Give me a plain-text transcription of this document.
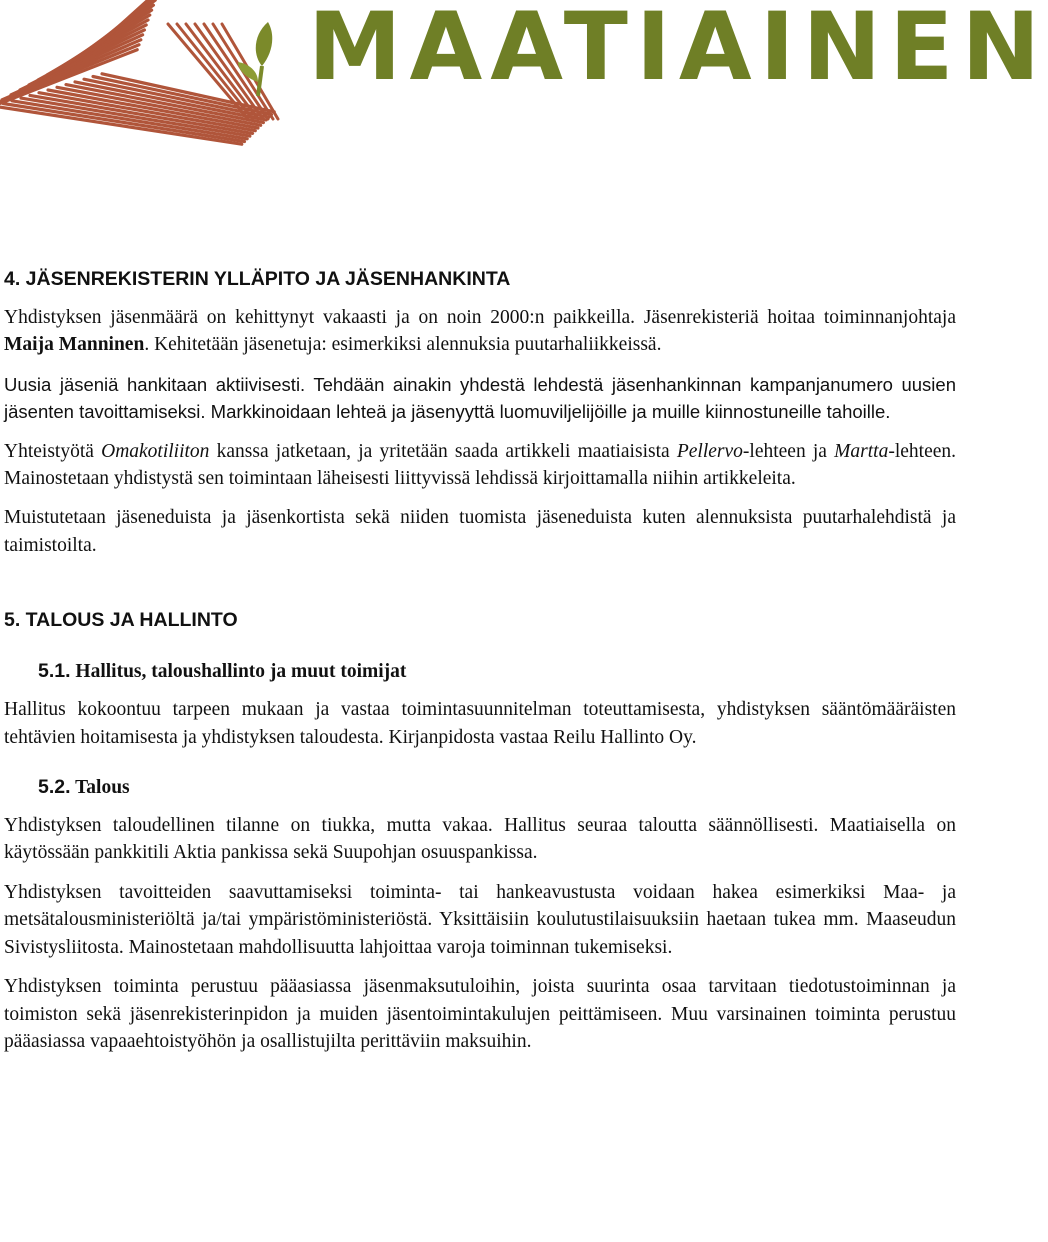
MAATIAINEN
4. JÄSENREKISTERIN YLLÄPITO JA JÄSENHANKINTA

Yhdistyksen jäsenmäärä on kehittynyt vakaasti ja on noin 2000:n paikkeilla. Jäsenrekisteriä hoitaa toiminnanjohtaja Maija Manninen. Kehitetään jäsenetuja: esimerkiksi alennuksia puutarhaliikkeissä.

Uusia jäseniä hankitaan aktiivisesti. Tehdään ainakin yhdestä lehdestä jäsenhankinnan kampanjanumero uusien jäsenten tavoittamiseksi. Markkinoidaan lehteä ja jäsenyyttä luomuviljelijöille ja muille kiinnostuneille tahoille.

Yhteistyötä Omakotiliiton kanssa jatketaan, ja yritetään saada artikkeli maatiaisista Pellervo-lehteen ja Martta-lehteen. Mainostetaan yhdistystä sen toimintaan läheisesti liittyvissä lehdissä kirjoittamalla niihin artikkeleita.

Muistutetaan jäseneduista ja jäsenkortista sekä niiden tuomista jäseneduista kuten alennuksista puutarhalehdistä ja taimistoilta.

5. TALOUS JA HALLINTO
5.1. Hallitus, taloushallinto ja muut toimijat

Hallitus kokoontuu tarpeen mukaan ja vastaa toimintasuunnitelman toteuttamisesta, yhdistyksen sääntömääräisten tehtävien hoitamisesta ja yhdistyksen taloudesta. Kirjanpidosta vastaa Reilu Hallinto Oy.

5.2. Talous

Yhdistyksen taloudellinen tilanne on tiukka, mutta vakaa. Hallitus seuraa taloutta säännöllisesti. Maatiaisella on käytössään pankkitili Aktia pankissa sekä Suupohjan osuuspankissa.

Yhdistyksen tavoitteiden saavuttamiseksi toiminta- tai hankeavustusta voidaan hakea esimerkiksi Maa- ja metsätalousministeriöltä ja/tai ympäristöministeriöstä. Yksittäisiin koulutustilaisuuksiin haetaan tukea mm. Maaseudun Sivistysliitosta. Mainostetaan mahdollisuutta lahjoittaa varoja toiminnan tukemiseksi.

Yhdistyksen toiminta perustuu pääasiassa jäsenmaksutuloihin, joista suurinta osaa tarvitaan tiedotustoiminnan ja toimiston sekä jäsenrekisterinpidon ja muiden jäsentoimintakulujen peittämiseen. Muu varsinainen toiminta perustuu pääasiassa vapaaehtoistyöhön ja osallistujilta perittäviin maksuihin.
